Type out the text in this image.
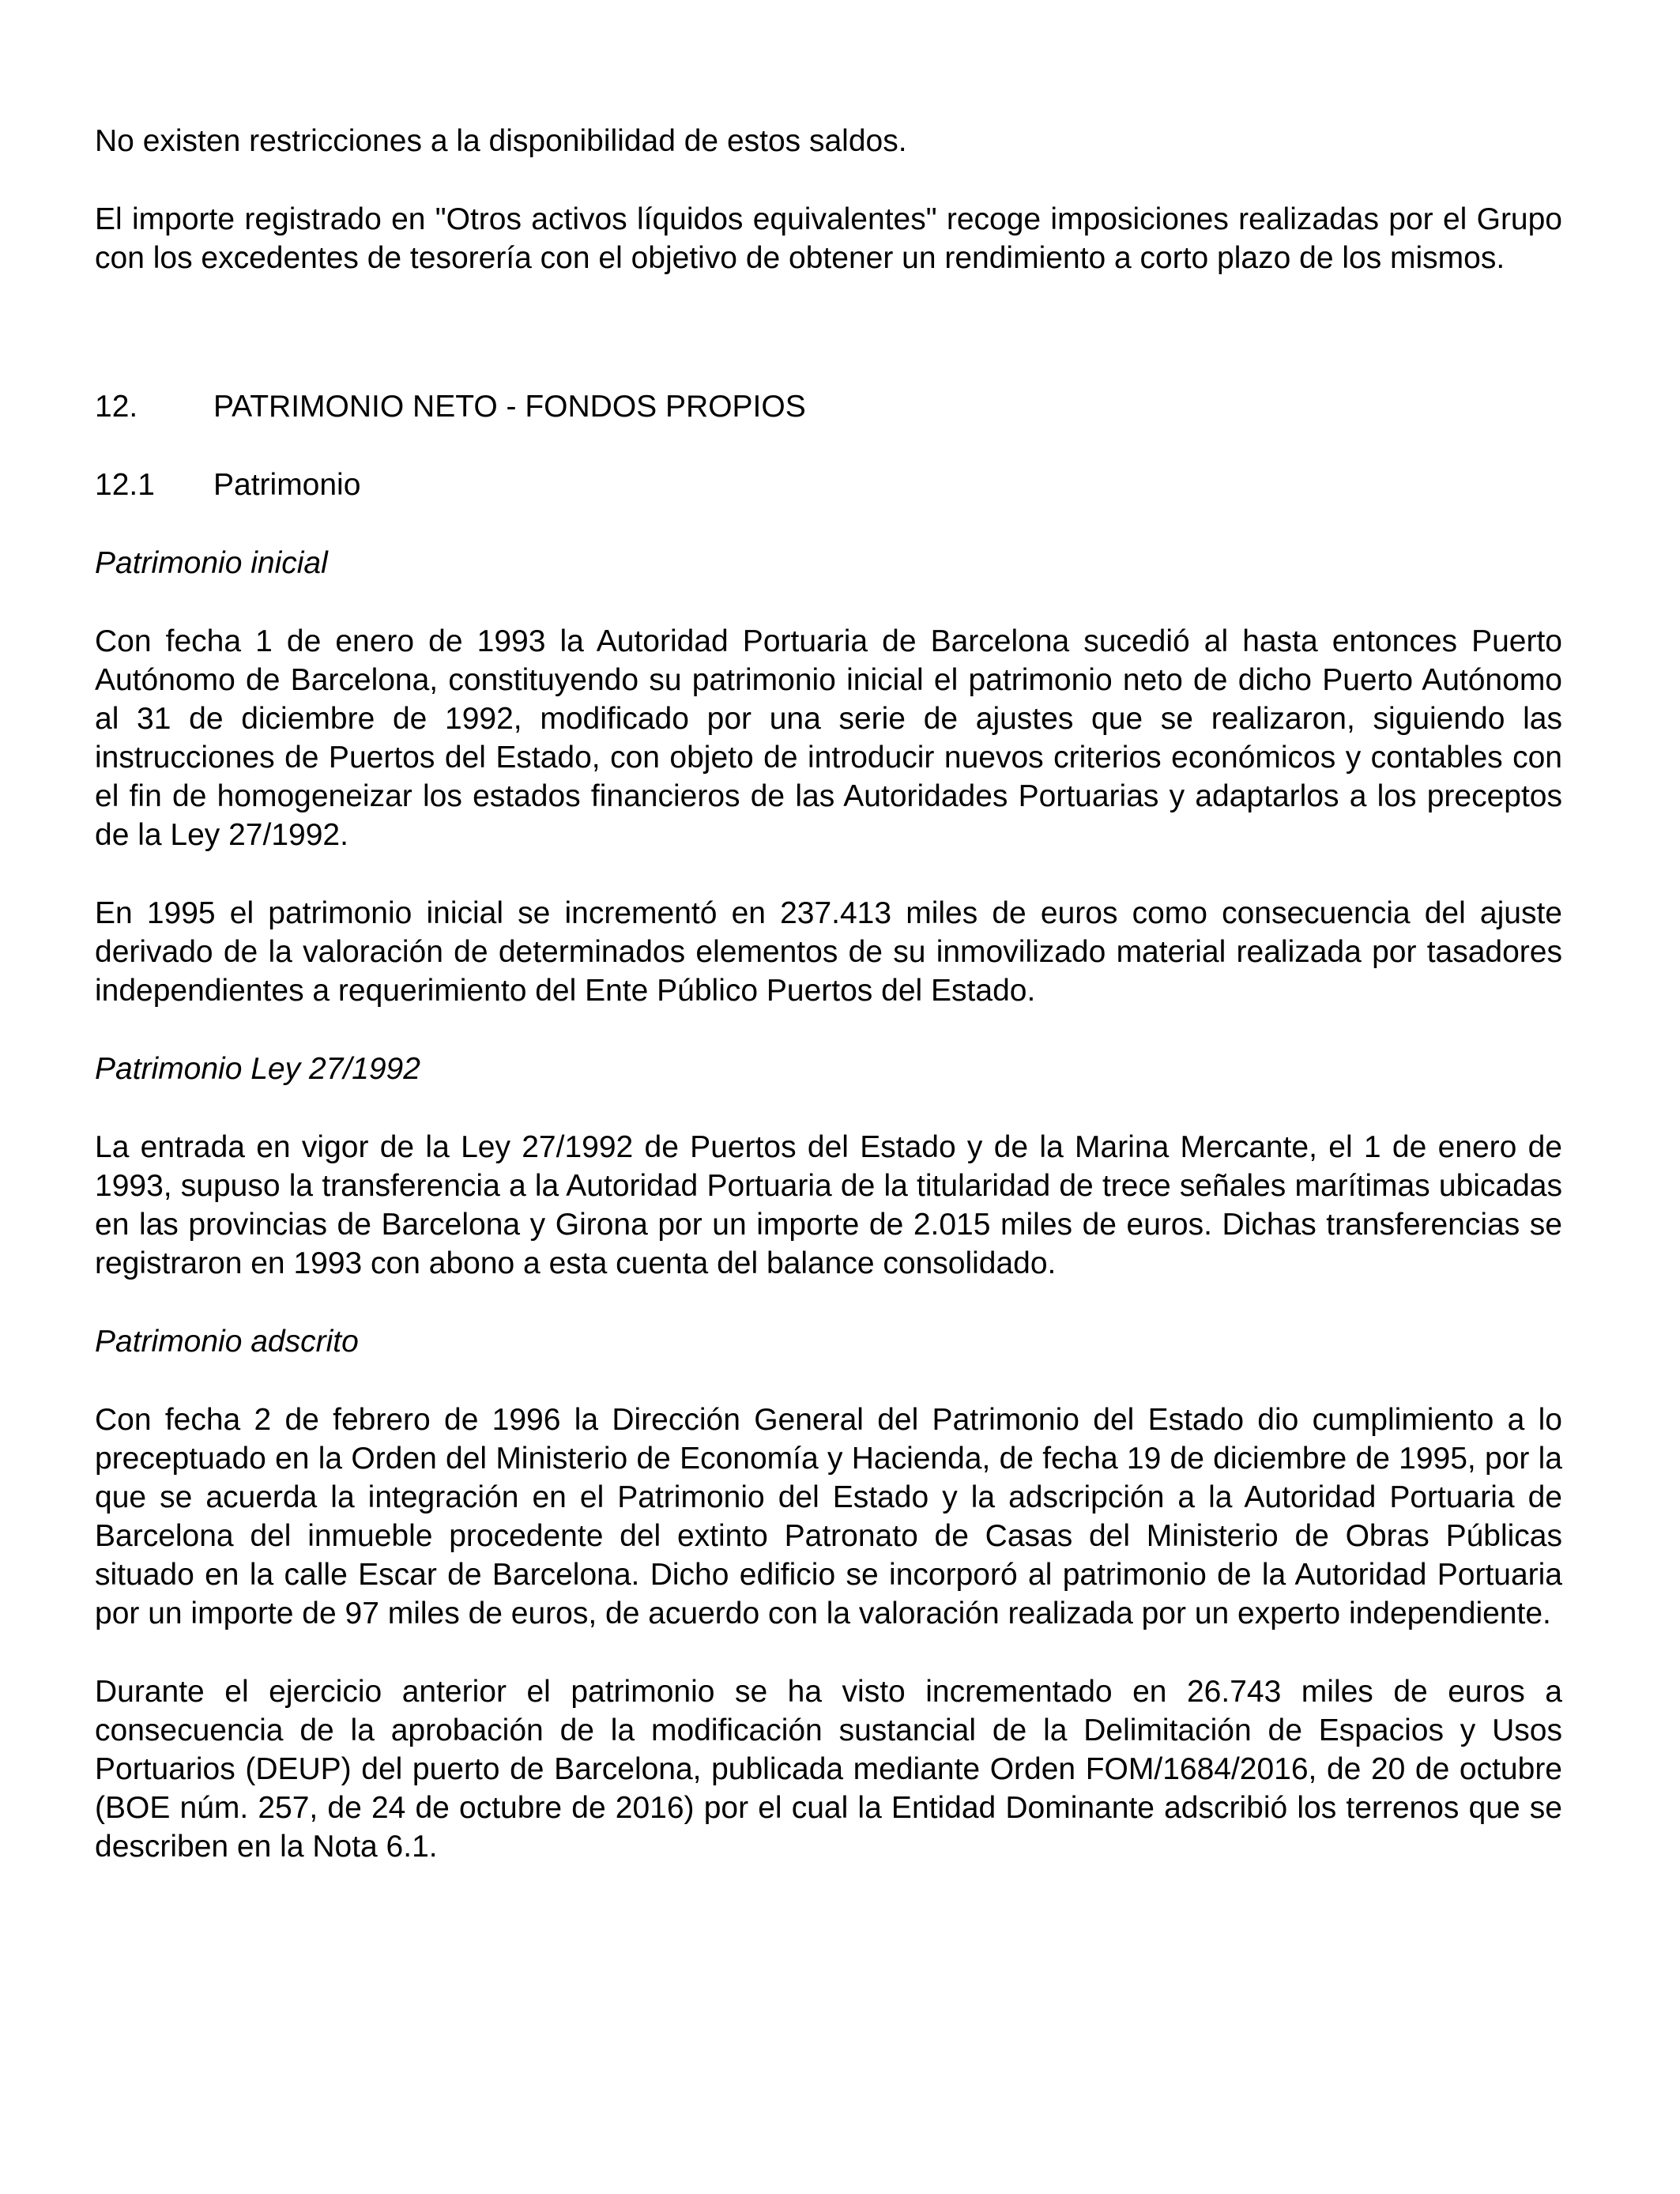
No existen restricciones a la disponibilidad de estos saldos.

El importe registrado en "Otros activos líquidos equivalentes" recoge imposiciones realizadas por el Grupo con los excedentes de tesorería con el objetivo de obtener un rendimiento a corto plazo de los mismos.

12.	PATRIMONIO NETO - FONDOS PROPIOS
12.1	Patrimonio

Patrimonio inicial

Con fecha 1 de enero de 1993 la Autoridad Portuaria de Barcelona sucedió al hasta entonces Puerto Autónomo de Barcelona, constituyendo su patrimonio inicial el patrimonio neto de dicho Puerto Autónomo al 31 de diciembre de 1992, modificado por una serie de ajustes que se realizaron, siguiendo las instrucciones de Puertos del Estado, con objeto de introducir nuevos criterios económicos y contables con el fin de homogeneizar los estados financieros de las Autoridades Portuarias y adaptarlos a los preceptos de la Ley 27/1992.

En 1995 el patrimonio inicial se incrementó en 237.413 miles de euros como consecuencia del ajuste derivado de la valoración de determinados elementos de su inmovilizado material realizada por tasadores independientes a requerimiento del Ente Público Puertos del Estado.

Patrimonio Ley 27/1992

La entrada en vigor de la Ley 27/1992 de Puertos del Estado y de la Marina Mercante, el 1 de enero de 1993, supuso la transferencia a la Autoridad Portuaria de la titularidad de trece señales marítimas ubicadas en las provincias de Barcelona y Girona por un importe de 2.015 miles de euros. Dichas transferencias se registraron en 1993 con abono a esta cuenta del balance consolidado.

Patrimonio adscrito

Con fecha 2 de febrero de 1996 la Dirección General del Patrimonio del Estado dio cumplimiento a lo preceptuado en la Orden del Ministerio de Economía y Hacienda, de fecha 19 de diciembre de 1995, por la que se acuerda la integración en el Patrimonio del Estado y la adscripción a la Autoridad Portuaria de Barcelona del inmueble procedente del extinto Patronato de Casas del Ministerio de Obras Públicas situado en la calle Escar de Barcelona. Dicho edificio se incorporó al patrimonio de la Autoridad Portuaria por un importe de 97 miles de euros, de acuerdo con la valoración realizada por un experto independiente.

Durante el ejercicio anterior el patrimonio se ha visto incrementado en 26.743 miles de euros a consecuencia de la aprobación de la modificación sustancial de la Delimitación de Espacios y Usos Portuarios (DEUP) del puerto de Barcelona, publicada mediante Orden FOM/1684/2016, de 20 de octubre (BOE núm. 257, de 24 de octubre de 2016) por el cual la Entidad Dominante adscribió los terrenos que se describen en la Nota 6.1.
